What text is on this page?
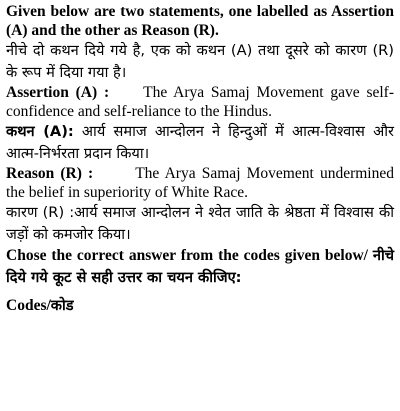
Given below are two statements, one labelled as Assertion (A) and the other as Reason (R).

नीचे दो कथन दिये गये है, एक को कथन (A) तथा दूसरे को कारण (R) के रूप में दिया गया है।

Assertion (A) : The Arya Samaj Movement gave self-confidence and self-reliance to the Hindus.

कथन (A): आर्य समाज आन्दोलन ने हिन्दुओं में आत्म-विश्वास और आत्म-निर्भरता प्रदान किया।

Reason (R) :	The Arya Samaj Movement undermined the belief in superiority of White Race.

कारण (R) :आर्य समाज आन्दोलन ने श्वेत जाति के श्रेष्ठता में विश्वास की जड़ों को कमजोर किया।

Chose the correct answer from the codes given below/ नीचे दिये गये कूट से सही उत्तर का चयन कीजिए:

Codes/कोड
